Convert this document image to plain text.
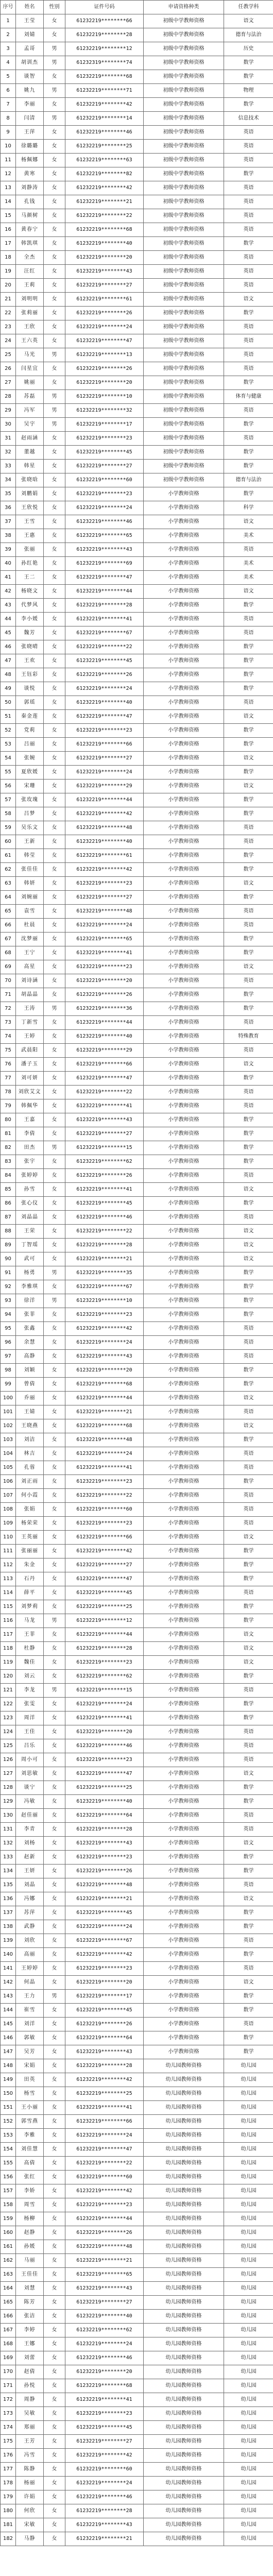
序号	姓名	性别	证件号码	申请资格种类	任教学科
1	王莹	女	61232219********66	初级中学教师资格	语文
2	刘婧	女	61232219********28	初级中学教师资格	德育与法治
3	孟哥	男	61232219********12	初级中学教师资格	历史
4	胡训杰	男	61232319********74	初级中学教师资格	数学
5	谈智	女	61232219********68	初级中学教师资格	数学
6	姚九	男	61232219********71	初级中学教师资格	物理
7	李丽	女	61232219********42	初级中学教师资格	数学
8	闫清	男	61232219********14	初级中学教师资格	信息技术
9	王萍	女	61232219********46	初级中学教师资格	英语
10	徐璐璐	女	61232219********25	初级中学教师资格	英语
11	杨佩娜	女	61232219********63	初级中学教师资格	英语
12	黄寒	女	61232219********82	初级中学教师资格	数学
13	刘静涛	女	61232219********42	初级中学教师资格	英语
14	孔钱	女	61232219********21	初级中学教师资格	英语
15	马颜树	女	61232219********22	初级中学教师资格	英语
16	黄春宁	女	61232219********68	初级中学教师资格	英语
17	韩凯琪	女	61232219********40	初级中学教师资格	数学
18	全杰	女	61232219********20	初级中学教师资格	英语
19	汪红	女	61232219********43	初级中学教师资格	英语
20	王莉	女	61232219********27	初级中学教师资格	英语
21	刘明明	女	61232219********61	初级中学教师资格	语文
22	张莉丽	女	61232219********26	初级中学教师资格	数学
23	王欣	女	61232219********24	初级中学教师资格	英语
24	王六英	女	61232219********47	初级中学教师资格	英语
25	马光	男	61232219********13	初级中学教师资格	英语
26	闫星宜	女	61232219********26	初级中学教师资格	英语
27	姚丽	女	61232219********20	初级中学教师资格	数学
28	苏磊	男	61232219********10	初级中学教师资格	体育与健康
29	冯军	男	61232219********32	初级中学教师资格	英语
30	吴宇	男	61232219********17	初级中学教师资格	数学
31	赵雨涵	女	61232219********23	初级中学教师资格	英语
32	董越	女	61232219********45	初级中学教师资格	数学
33	韩星	女	61232219********27	初级中学教师资格	数学
34	张晓晗	女	61232219********60	初级中学教师资格	德育与法治
35	刘鹏娟	女	61232219********23	小学教师资格	数学
36	王欣悦	女	61232219********24	小学教师资格	科学
37	王雪	女	61232219********46	小学教师资格	语文
38	王惠	女	61232219********65	小学教师资格	美术
39	张丽	女	61232219********43	小学教师资格	英语
40	孙红艳	女	61232219********69	小学教师资格	美术
41	王二	女	61232219********47	小学教师资格	美术
42	杨晓文	女	61232219********44	小学教师资格	语文
43	代梦风	女	61232219********28	小学教师资格	数学
44	李小媛	女	61232219********41	小学教师资格	英语
45	魏芳	女	61232219********67	小学教师资格	英语
46	张晓晴	女	61232219********22	小学教师资格	数学
47	王欢	女	61232219********45	小学教师资格	数学
48	王钰彩	女	61232219********26	小学教师资格	数学
49	谈悦	女	61232219********24	小学教师资格	数学
50	郭瑶	女	61232219********40	小学教师资格	英语
51	秦金莲	女	61232219********47	小学教师资格	语文
52	党莉	女	61232219********23	小学教师资格	数学
53	吕丽	女	61232219********66	小学教师资格	数学
54	张婉	女	61232219********27	小学教师资格	语文
55	夏欣媛	女	61232219********24	小学教师资格	数学
56	宋珊	女	61232219********29	小学教师资格	语文
57	张玫瑰	女	61232219********44	小学教师资格	数学
58	吕梦	女	61232219********42	小学教师资格	数学
59	吴乐文	女	61232219********48	小学教师资格	英语
60	王新	女	61232219********40	小学教师资格	英语
61	韩莹	女	61232219********61	小学教师资格	数学
62	张佳佳	女	61232219********42	小学教师资格	数学
63	韩妍	女	61232219********23	小学教师资格	语文
64	刘婉丽	女	61232219********27	小学教师资格	数学
65	袁雪	女	61232219********48	小学教师资格	英语
66	杜晨	女	61232219********24	小学教师资格	英语
67	沈梦丽	女	61232219********65	小学教师资格	数学
68	王宁	女	61232219********41	小学教师资格	数学
69	高星	女	61232219********23	小学教师资格	语文
70	刘诗涵	女	61232219********20	小学教师资格	英语
71	胡晶晶	女	61232219********26	小学教师资格	数学
72	王涛	男	61232219********36	小学教师资格	数学
73	丁新雪	女	61232219********44	小学教师资格	英语
74	王婷	女	61232219********40	小学教师资格	特殊教育
75	武晨阳	女	61232219********29	小学教师资格	英语
76	潘子玉	女	61232219********66	小学教师资格	语文
77	刘可妍	女	61232219********47	小学教师资格	数学
78	刘欣艾文	女	61232219********22	小学教师资格	英语
79	韩佩华	女	61232219********41	小学教师资格	英语
80	王嘉	女	61232219********43	小学教师资格	数学
81	李倩	女	61232219********27	小学教师资格	数学
82	田杰	男	61232219********15	小学教师资格	数学
83	张宇	女	61232219********62	小学教师资格	数学
84	张婷婷	女	61232219********26	小学教师资格	英语
85	孙雪	女	61232219********41	小学教师资格	语文
86	张心仪	女	61232219********45	小学教师资格	数学
87	刘晶晶	女	61232219********46	小学教师资格	英语
88	王荣	女	61232219********22	小学教师资格	语文
89	丁智瑶	女	61232219********28	小学教师资格	语文
90	武可	女	61232219********21	小学教师资格	语文
91	杨勇	男	61232219********35	小学教师资格	数学
92	李雅琪	女	61232219********67	小学教师资格	数学
93	徐洋	男	61232219********10	小学教师资格	数学
94	张菲	女	61232219********23	小学教师资格	数学
95	张鑫	女	61232219********42	小学教师资格	英语
96	余慧	女	61232219********24	小学教师资格	英语
97	高静	女	61232219********43	小学教师资格	英语
98	刘颖	女	61232219********20	小学教师资格	数学
99	曾倩	女	61232219********68	小学教师资格	数学
100	乔丽	女	61232219********44	小学教师资格	语文
101	王婧	女	61232219********21	小学教师资格	英语
102	王晓燕	女	61232219********68	小学教师资格	语文
103	刘洁	女	61232219********48	小学教师资格	数学
104	林吉	女	61232219********24	小学教师资格	英语
105	孔蓉	女	61232219********41	小学教师资格	英语
106	刘正雨	女	61232219********23	小学教师资格	数学
107	何小霞	女	61232219********22	小学教师资格	英语
108	张娟	女	61232219********60	小学教师资格	英语
109	杨荣荣	女	61232219********23	小学教师资格	英语
110	王英丽	女	61232219********66	小学教师资格	语文
111	张丽丽	女	61232219********42	小学教师资格	数学
112	朱金	女	61232219********27	小学教师资格	数学
113	石丹	女	61232219********47	小学教师资格	数学
114	薛平	女	61232219********45	小学教师资格	英语
115	刘梦莉	女	61232219********25	小学教师资格	数学
116	马龙	男	61232219********12	小学教师资格	数学
117	王菲	女	61232219********44	小学教师资格	语文
118	杜静	女	61232219********28	小学教师资格	语文
119	魏佳	女	61232219********23	小学教师资格	语文
120	刘云	女	61232219********62	小学教师资格	数学
121	李龙	男	61232219********15	小学教师资格	英语
122	张雯	女	61232219********24	小学教师资格	数学
123	周洋	女	61232219********41	小学教师资格	数学
124	王佳	女	61232219********20	小学教师资格	英语
125	吕乐	女	61232219********46	小学教师资格	英语
126	周小可	女	61232219********23	小学教师资格	英语
127	刘思敏	女	61232219********47	小学教师资格	语文
128	谈宁	女	61232219********25	小学教师资格	数学
129	冯敏	女	61232219********40	小学教师资格	数学
130	赵佳丽	女	61232219********64	小学教师资格	英语
131	李青	女	61232219********28	小学教师资格	英语
132	刘杨	女	61232219********43	小学教师资格	语文
133	赵新	女	61232219********23	小学教师资格	数学
134	王妍	女	61232219********26	小学教师资格	数学
135	刘晶	女	61232219********48	小学教师资格	英语
136	冯娜	女	61232219********21	小学教师资格	语文
137	苏萍	女	61232219********45	小学教师资格	数学
138	武静	女	61232219********24	小学教师资格	数学
139	刘欣	女	61232219********67	小学教师资格	英语
140	高丽	女	61232219********42	小学教师资格	数学
141	王婷婷	女	61232219********23	小学教师资格	英语
142	何晶	女	61232219********20	小学教师资格	语文
143	王力	男	61232219********17	小学教师资格	数学
144	崔雪	女	61232219********45	小学教师资格	数学
145	刘洋	女	61232219********26	小学教师资格	英语
146	郭敏	女	61232219********64	小学教师资格	数学
147	吴芳	女	61232219********43	小学教师资格	数学
148	宋娟	女	61232219********28	幼儿园教师资格	幼儿园
149	田英	女	61232219********42	幼儿园教师资格	幼儿园
150	杨雪	女	61232219********25	幼儿园教师资格	幼儿园
151	王小丽	女	61232219********41	幼儿园教师资格	幼儿园
152	郭雪燕	女	61232219********66	幼儿园教师资格	幼儿园
153	李雅	女	61232219********24	幼儿园教师资格	幼儿园
154	刘佳慧	女	61232219********47	幼儿园教师资格	幼儿园
155	高倩	女	61232219********22	幼儿园教师资格	幼儿园
156	张红	女	61232219********60	幼儿园教师资格	幼儿园
157	李娇	女	61232219********42	幼儿园教师资格	幼儿园
158	周雪	女	61232219********23	幼儿园教师资格	幼儿园
159	杨柳	女	61232219********44	幼儿园教师资格	幼儿园
160	赵静	女	61232219********26	幼儿园教师资格	幼儿园
161	孙媛	女	61232219********48	幼儿园教师资格	幼儿园
162	马丽	女	61232219********21	幼儿园教师资格	幼儿园
163	王佳佳	女	61232219********65	幼儿园教师资格	幼儿园
164	刘慧	女	61232219********43	幼儿园教师资格	幼儿园
165	陈芳	女	61232219********27	幼儿园教师资格	幼儿园
166	张洁	女	61232219********40	幼儿园教师资格	幼儿园
167	李婷	女	61232219********62	幼儿园教师资格	幼儿园
168	王娜	女	61232219********24	幼儿园教师资格	幼儿园
169	刘蕾	女	61232219********46	幼儿园教师资格	幼儿园
170	赵倩	女	61232219********20	幼儿园教师资格	幼儿园
171	孙悦	女	61232219********68	幼儿园教师资格	幼儿园
172	周静	女	61232219********41	幼儿园教师资格	幼儿园
173	吴敏	女	61232219********23	幼儿园教师资格	幼儿园
174	郑丽	女	61232219********45	幼儿园教师资格	幼儿园
175	王芳	女	61232219********27	幼儿园教师资格	幼儿园
176	冯雪	女	61232219********42	幼儿园教师资格	幼儿园
177	陈静	女	61232219********60	幼儿园教师资格	幼儿园
178	杨丽	女	61232219********24	幼儿园教师资格	幼儿园
179	许娟	女	61232219********46	幼儿园教师资格	幼儿园
180	何欣	女	61232219********28	幼儿园教师资格	幼儿园
181	宋敏	女	61232219********43	幼儿园教师资格	幼儿园
182	马静	女	61232219********21	幼儿园教师资格	幼儿园
